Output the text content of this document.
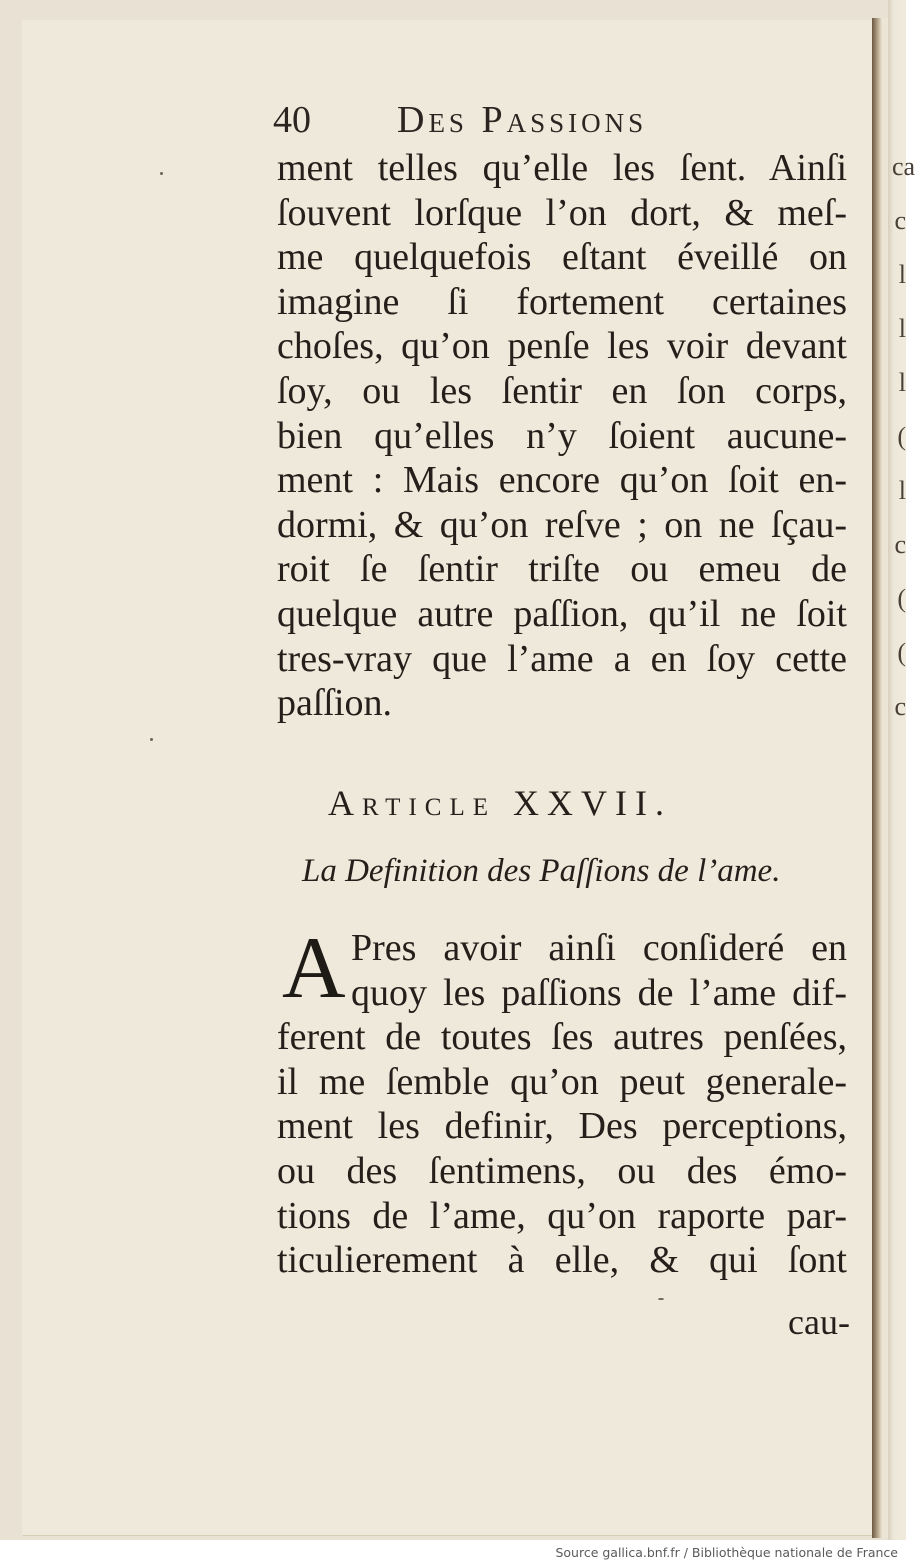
ca
c
l
l
l
(
l
c
(
(
c
40 Des Passions
ment telles qu’elle les ſent. Ainſi
ſouvent lorſque l’on dort, & meſ-
me quelquefois eſtant éveillé on
imagine ſi fortement certaines
choſes, qu’on penſe les voir devant
ſoy, ou les ſentir en ſon corps,
bien qu’elles n’y ſoient aucune-
ment : Mais encore qu’on ſoit en-
dormi, & qu’on reſve ; on ne ſçau-
roit ſe ſentir triſte ou emeu de
quelque autre paſſion, qu’il ne ſoit
tres-vray que l’ame a en ſoy cette
paſſion.
Article XXVII.
La Definition des Paſſions de l’ame.
A Pres avoir ainſi conſideré en
quoy les paſſions de l’ame dif-
ferent de toutes ſes autres penſées,
il me ſemble qu’on peut generale-
ment les definir, Des perceptions,
ou des ſentimens, ou des émo-
tions de l’ame, qu’on raporte par-
ticulierement à elle, & qui ſont
cau-
Source gallica.bnf.fr / Bibliothèque nationale de France
